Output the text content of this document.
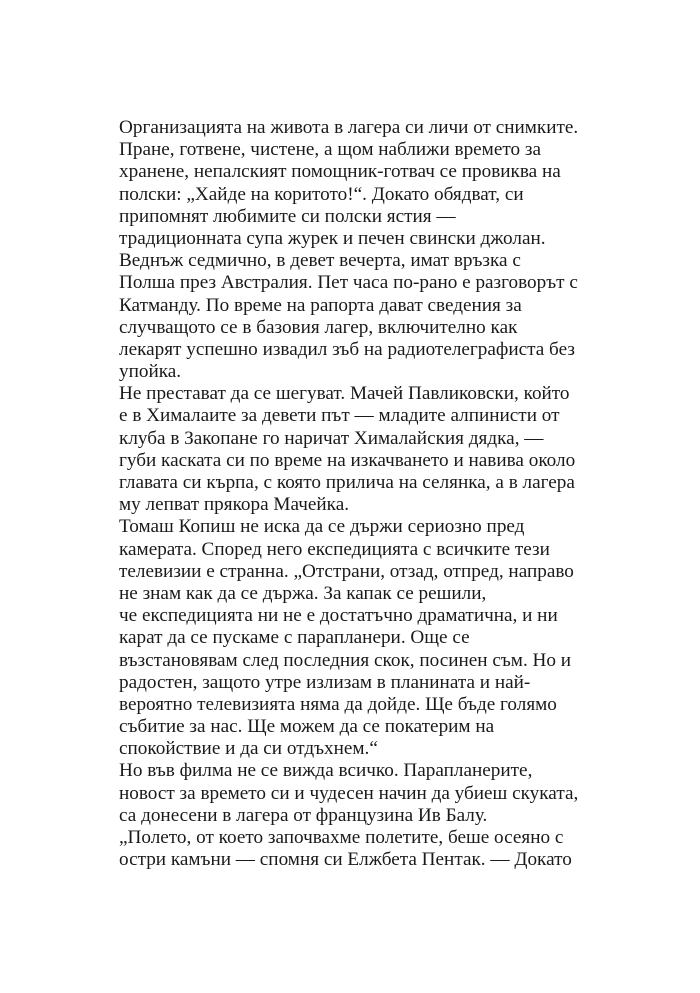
Организацията на живота в лагера си личи от снимките.
Пране, готвене, чистене, а щом наближи времето за
хранене, непалският помощник-готвач се провиква на
полски: „Хайде на коритото!“. Докато обядват, си
припомнят любимите си полски ястия —
традиционната супа журек и печен свински джолан.
Веднъж седмично, в девет вечерта, имат връзка с
Полша през Австралия. Пет часа по-рано е разговорът с
Катманду. По време на рапорта дават сведения за
случващото се в базовия лагер, включително как
лекарят успешно извадил зъб на радиотелеграфиста без
упойка.
Не престават да се шегуват. Мачей Павликовски, който
е в Хималаите за девети път — младите алпинисти от
клуба в Закопане го наричат Хималайския дядка, —
губи каската си по време на изкачването и навива около
главата си кърпа, с която прилича на селянка, а в лагера
му лепват прякора Мачейка.
Томаш Копиш не иска да се държи сериозно пред
камерата. Според него експедицията с всичките тези
телевизии е странна. „Отстрани, отзад, отпред, направо
не знам как да се държа. За капак се решили,
че експедицията ни не е достатъчно драматична, и ни
карат да се пускаме с парапланери. Още се
възстановявам след последния скок, посинен съм. Но и
радостен, защото утре излизам в планината и най-
вероятно телевизията няма да дойде. Ще бъде голямо
събитие за нас. Ще можем да се покатерим на
спокойствие и да си отдъхнем.“
Но във филма не се вижда всичко. Парапланерите,
новост за времето си и чудесен начин да убиеш скуката,
са донесени в лагера от французина Ив Балу.
„Полето, от което започвахме полетите, беше осеяно с
остри камъни — спомня си Елжбета Пентак. — Докато
